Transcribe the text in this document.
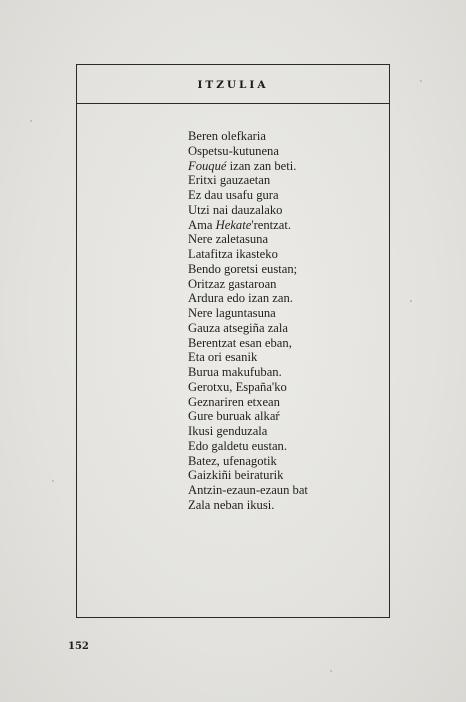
ITZULIA
Beren olefkaria
Ospetsu-kutunena
Fouqué izan zan beti.
Eritxi gauzaetan
Ez dau usafu gura
Utzi nai dauzalako
Ama Hekate'rentzat.
Nere zaletasuna
Latafitza ikasteko
Bendo goretsi eustan;
Oritzaz gastaroan
Ardura edo izan zan.
Nere laguntasuna
Gauza atsegiña zala
Berentzat esan eban,
Eta ori esanik
Burua makufuban.
Gerotxu, España'ko
Geznariren etxean
Gure buruak alkaŕ
Ikusi genduzala
Edo galdetu eustan.
Batez, ufenagotik
Gaizkiñi beiraturik
Antzin-ezaun-ezaun bat
Zala neban ikusi.
152
